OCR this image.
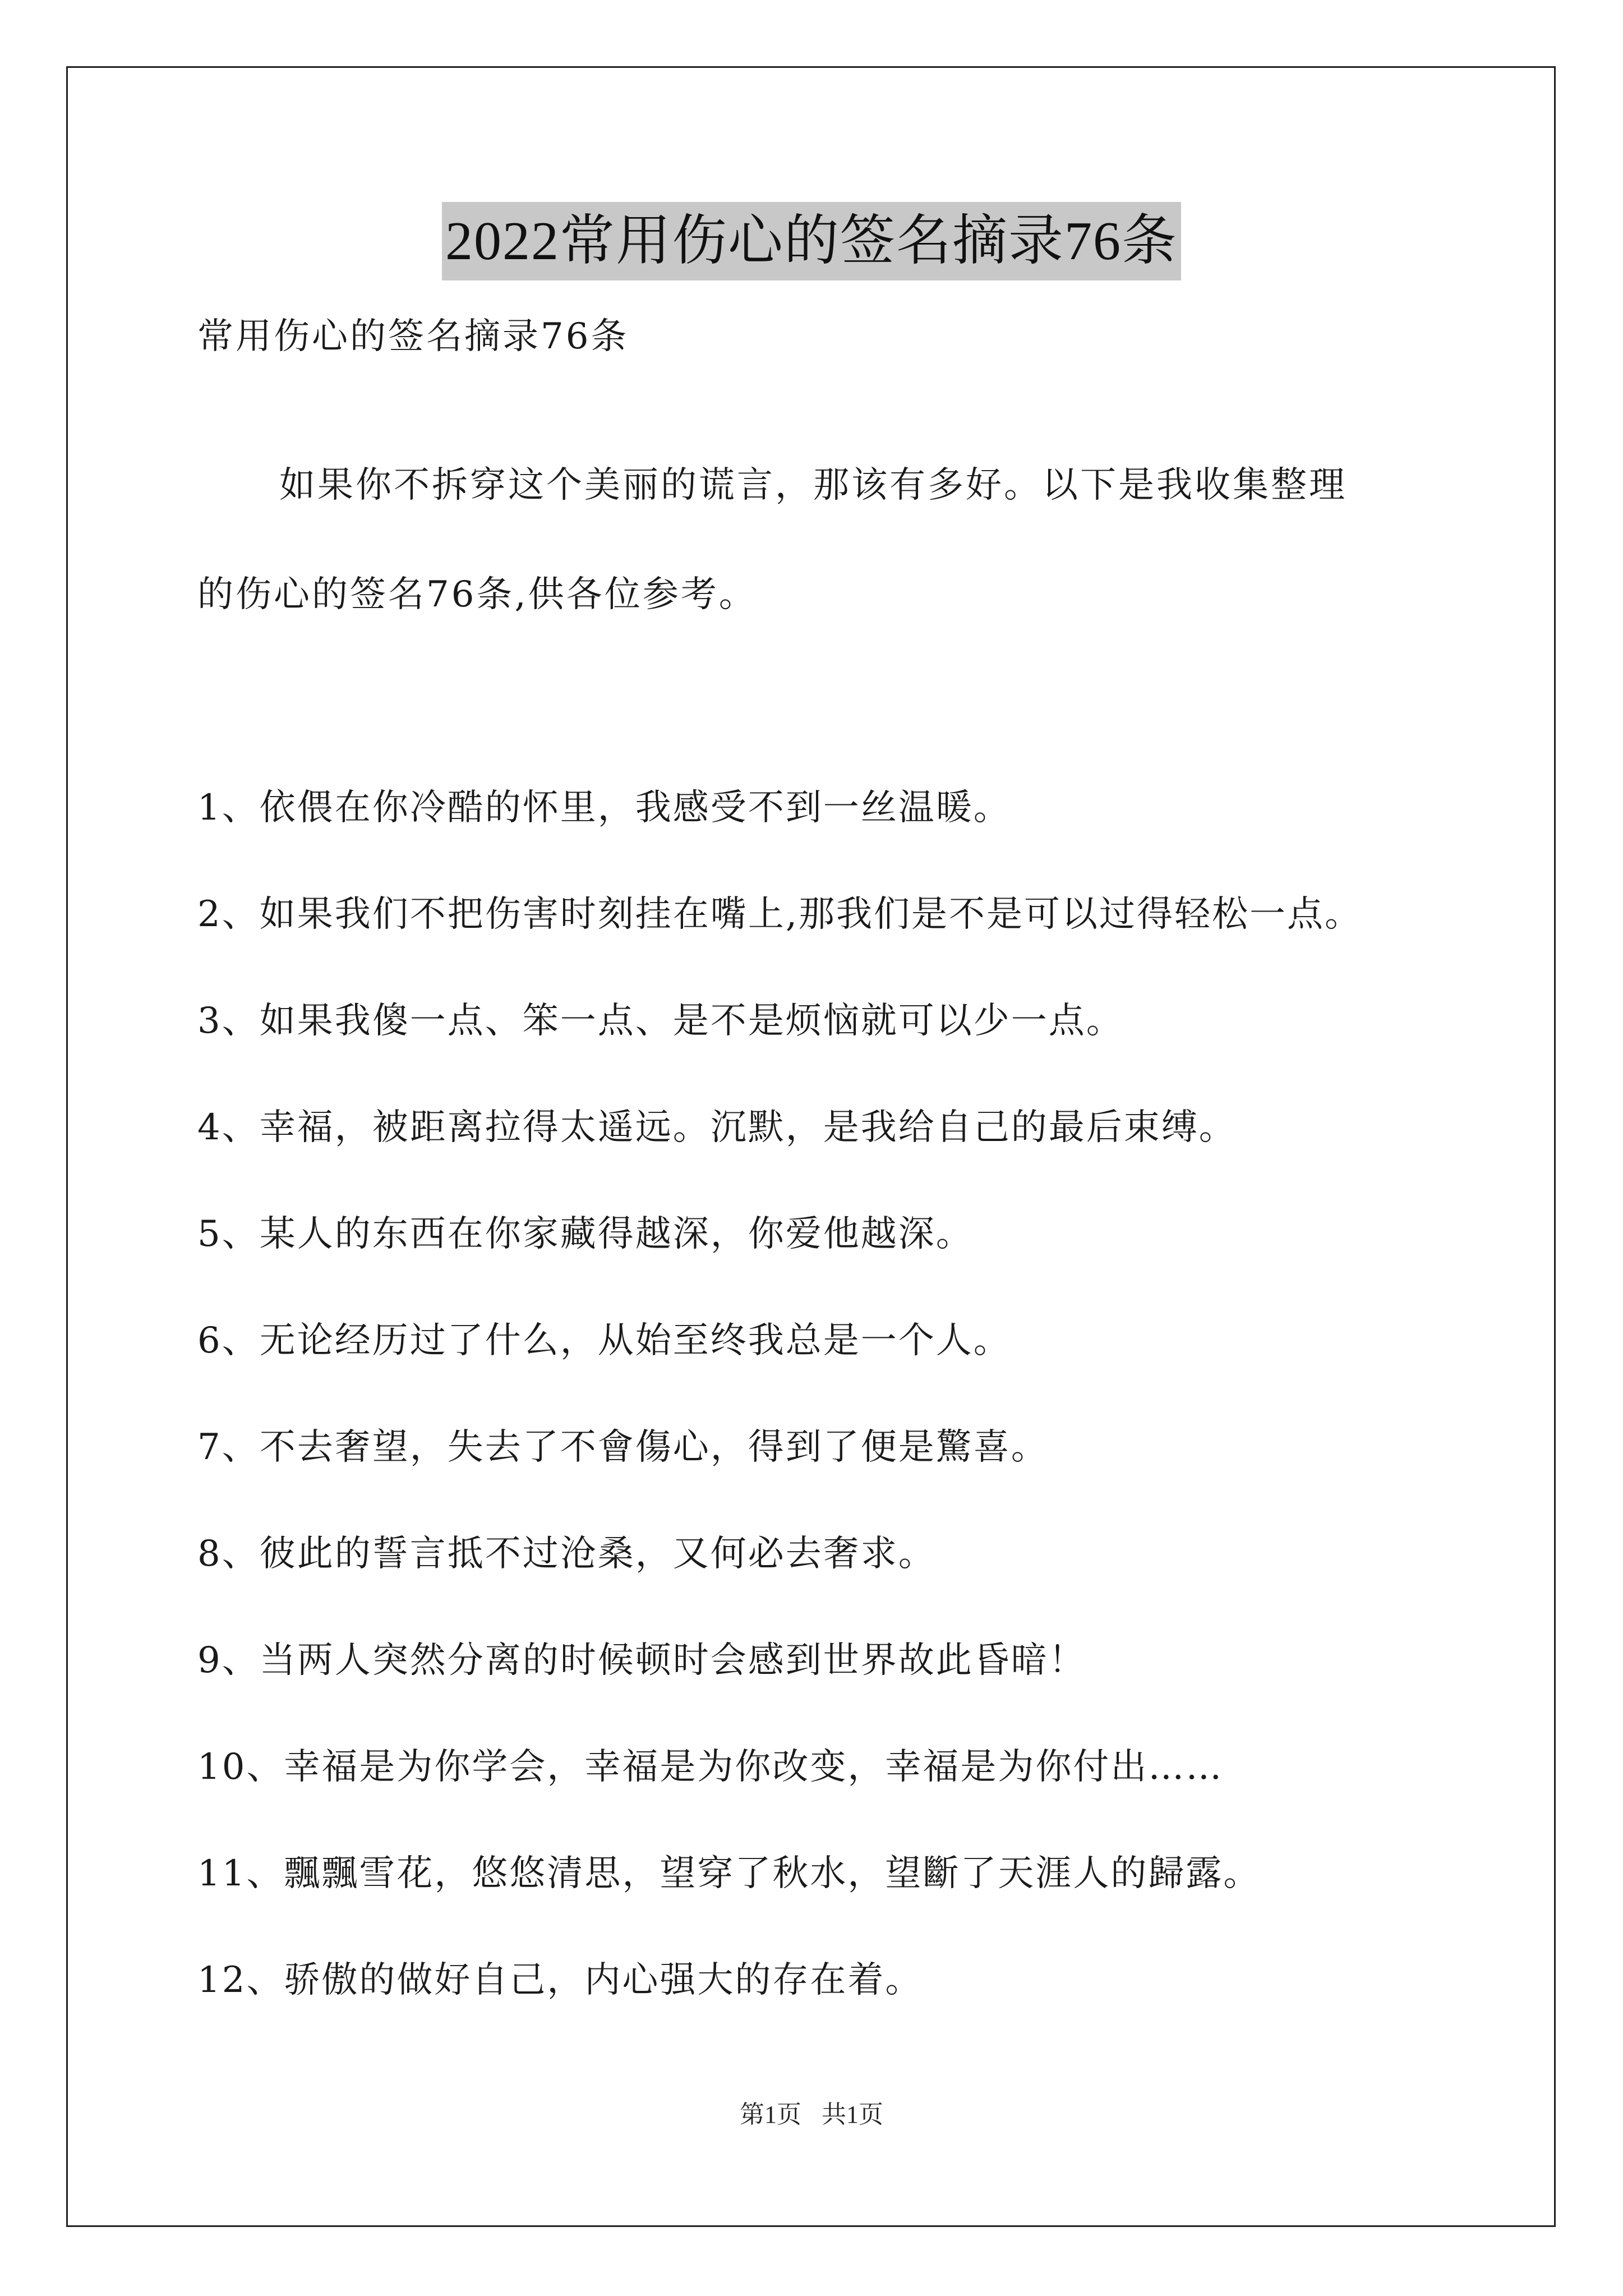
2022常用伤心的签名摘录76条
常用伤心的签名摘录76条
如果你不拆穿这个美丽的谎言，那该有多好。以下是我收集整理
的伤心的签名76条,供各位参考。
1、依偎在你冷酷的怀里，我感受不到一丝温暖。
2、如果我们不把伤害时刻挂在嘴上,那我们是不是可以过得轻松一点。
3、如果我傻一点、笨一点、是不是烦恼就可以少一点。
4、幸福，被距离拉得太遥远。沉默，是我给自己的最后束缚。
5、某人的东西在你家藏得越深，你爱他越深。
6、无论经历过了什么，从始至终我总是一个人。
7、不去奢望，失去了不會傷心，得到了便是驚喜。
8、彼此的誓言抵不过沧桑，又何必去奢求。
9、当两人突然分离的时候顿时会感到世界故此昏暗！
10、幸福是为你学会，幸福是为你改变，幸福是为你付出……
11、飄飄雪花，悠悠清思，望穿了秋水，望斷了天涯人的歸露。
12、骄傲的做好自己，内心强大的存在着。
第1页 共1页
